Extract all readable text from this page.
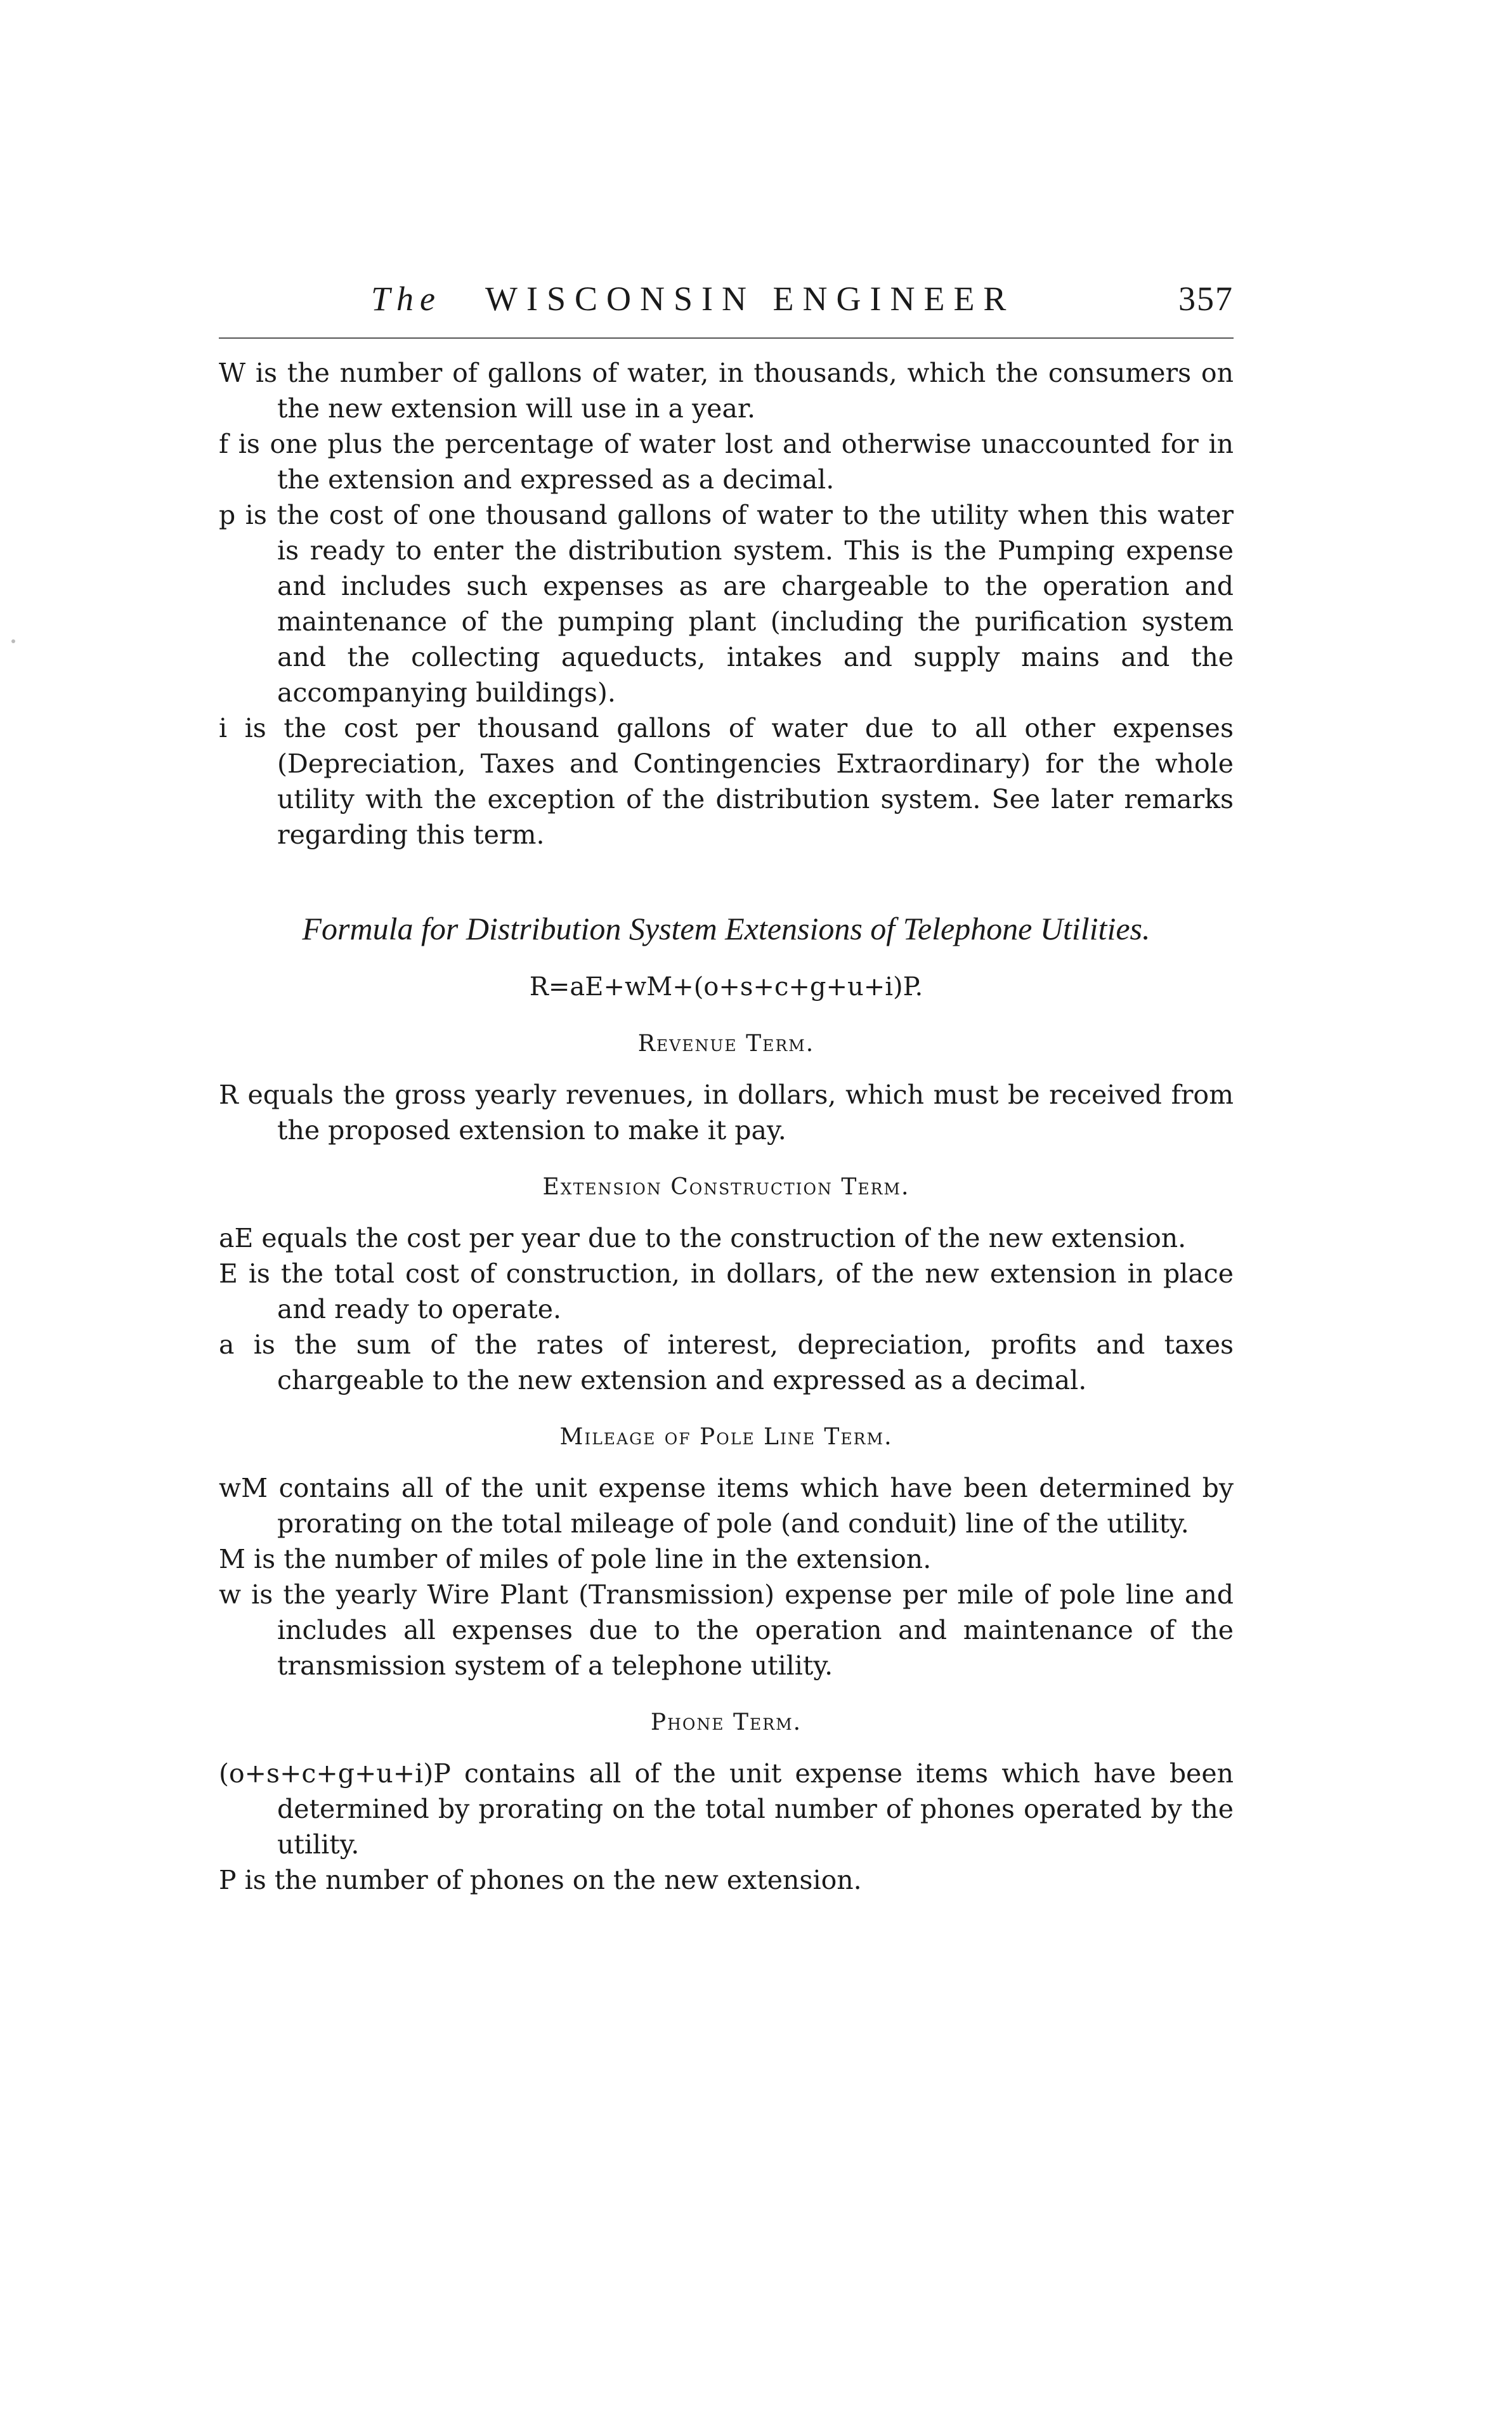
The WISCONSIN ENGINEER	357

W is the number of gallons of water, in thousands, which the consumers on the new extension will use in a year.

f is one plus the percentage of water lost and otherwise unaccounted for in the extension and expressed as a decimal.

p is the cost of one thousand gallons of water to the utility when this water is ready to enter the distribution system. This is the Pumping expense and includes such expenses as are chargeable to the operation and maintenance of the pumping plant (including the purification system and the collecting aqueducts, intakes and supply mains and the accompanying buildings).

i is the cost per thousand gallons of water due to all other expenses (Depreciation, Taxes and Contingencies Extraordinary) for the whole utility with the exception of the distribution system. See later remarks regarding this term.

Formula for Distribution System Extensions of Telephone Utilities.

R=aE+wM+(o+s+c+g+u+i)P.

Revenue Term.

R equals the gross yearly revenues, in dollars, which must be received from the proposed extension to make it pay.

Extension Construction Term.

aE equals the cost per year due to the construction of the new extension.

E is the total cost of construction, in dollars, of the new extension in place and ready to operate.

a is the sum of the rates of interest, depreciation, profits and taxes chargeable to the new extension and expressed as a decimal.

Mileage of Pole Line Term.

wM contains all of the unit expense items which have been determined by prorating on the total mileage of pole (and conduit) line of the utility.

M is the number of miles of pole line in the extension.

w is the yearly Wire Plant (Transmission) expense per mile of pole line and includes all expenses due to the operation and maintenance of the transmission system of a telephone utility.

Phone Term.

(o+s+c+g+u+i)P contains all of the unit expense items which have been determined by prorating on the total number of phones operated by the utility.

P is the number of phones on the new extension.
